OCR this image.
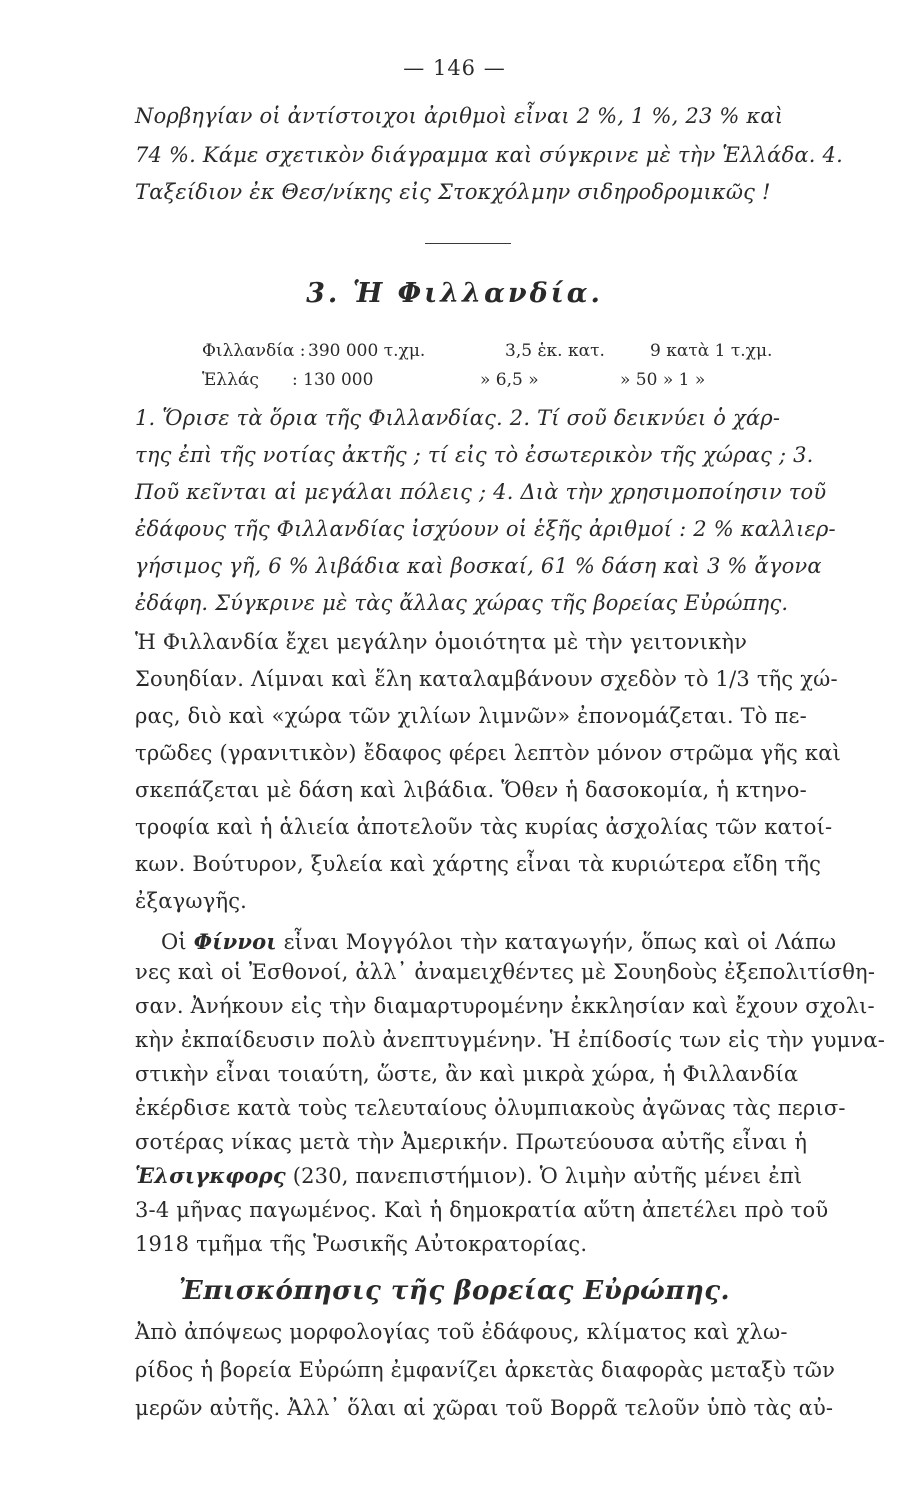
— 146 —
Νορβηγίαν οἱ ἀντίστοιχοι ἀριθμοὶ εἶναι 2 %, 1 %, 23 % καὶ
74 %. Κάμε σχετικὸν διάγραμμα καὶ σύγκρινε μὲ τὴν Ἑλλάδα. 4.
Ταξείδιον ἐκ Θεσ/νίκης εἰς Στοκχόλμην σιδηροδρομικῶς !
3. Ἡ Φιλλανδία.
Φιλλανδία : 390 000 τ.χμ.	3,5 ἑκ. κατ.	9 κατὰ 1 τ.χμ.
Ἑλλάς : 130 000	» 6,5 »	» 50 » 1 »
1. Ὅρισε τὰ ὅρια τῆς Φιλλανδίας. 2. Τί σοῦ δεικνύει ὁ χάρ-
της ἐπὶ τῆς νοτίας ἀκτῆς ; τί εἰς τὸ ἐσωτερικὸν τῆς χώρας ; 3.
Ποῦ κεῖνται αἱ μεγάλαι πόλεις ; 4. Διὰ τὴν χρησιμοποίησιν τοῦ
ἐδάφους τῆς Φιλλανδίας ἰσχύουν οἱ ἑξῆς ἀριθμοί : 2 % καλλιερ-
γήσιμος γῆ, 6 % λιβάδια καὶ βοσκαί, 61 % δάση καὶ 3 % ἄγονα
ἐδάφη. Σύγκρινε μὲ τὰς ἄλλας χώρας τῆς βορείας Εὐρώπης.
Ἡ Φιλλανδία ἔχει μεγάλην ὁμοιότητα μὲ τὴν γειτονικὴν
Σουηδίαν. Λίμναι καὶ ἕλη καταλαμβάνουν σχεδὸν τὸ 1/3 τῆς χώ-
ρας, διὸ καὶ «χώρα τῶν χιλίων λιμνῶν» ἐπονομάζεται. Τὸ πε-
τρῶδες (γρανιτικὸν) ἔδαφος φέρει λεπτὸν μόνον στρῶμα γῆς καὶ
σκεπάζεται μὲ δάση καὶ λιβάδια. Ὅθεν ἡ δασοκομία, ἡ κτηνο-
τροφία καὶ ἡ ἁλιεία ἀποτελοῦν τὰς κυρίας ἀσχολίας τῶν κατοί-
κων. Βούτυρον, ξυλεία καὶ χάρτης εἶναι τὰ κυριώτερα εἴδη τῆς
ἐξαγωγῆς.
Οἱ Φίννοι εἶναι Μογγόλοι τὴν καταγωγήν, ὅπως καὶ οἱ Λάπω
νες καὶ οἱ Ἐσθονοί, ἀλλ᾽ ἀναμειχθέντες μὲ Σουηδοὺς ἐξεπολιτίσθη-
σαν. Ἀνήκουν εἰς τὴν διαμαρτυρομένην ἐκκλησίαν καὶ ἔχουν σχολι-
κὴν ἐκπαίδευσιν πολὺ ἀνεπτυγμένην. Ἡ ἐπίδοσίς των εἰς τὴν γυμνα-
στικὴν εἶναι τοιαύτη, ὥστε, ἂν καὶ μικρὰ χώρα, ἡ Φιλλανδία
ἐκέρδισε κατὰ τοὺς τελευταίους ὀλυμπιακοὺς ἀγῶνας τὰς περισ-
σοτέρας νίκας μετὰ τὴν Ἀμερικήν. Πρωτεύουσα αὐτῆς εἶναι ἡ
Ἑλσιγκφορς (230, πανεπιστήμιον). Ὁ λιμὴν αὐτῆς μένει ἐπὶ
3-4 μῆνας παγωμένος. Καὶ ἡ δημοκρατία αὕτη ἀπετέλει πρὸ τοῦ
Ἐπισκόπησις τῆς βορείας Εὐρώπης.
Ἀπὸ ἀπόψεως μορφολογίας τοῦ ἐδάφους, κλίματος καὶ χλω-
ρίδος ἡ βορεία Εὐρώπη ἐμφανίζει ἀρκετὰς διαφορὰς μεταξὺ τῶν
μερῶν αὐτῆς. Ἀλλ᾽ ὅλαι αἱ χῶραι τοῦ Βορρᾶ τελοῦν ὑπὸ τὰς αὐ-
1918 τμῆμα τῆς Ῥωσικῆς Αὐτοκρατορίας.
